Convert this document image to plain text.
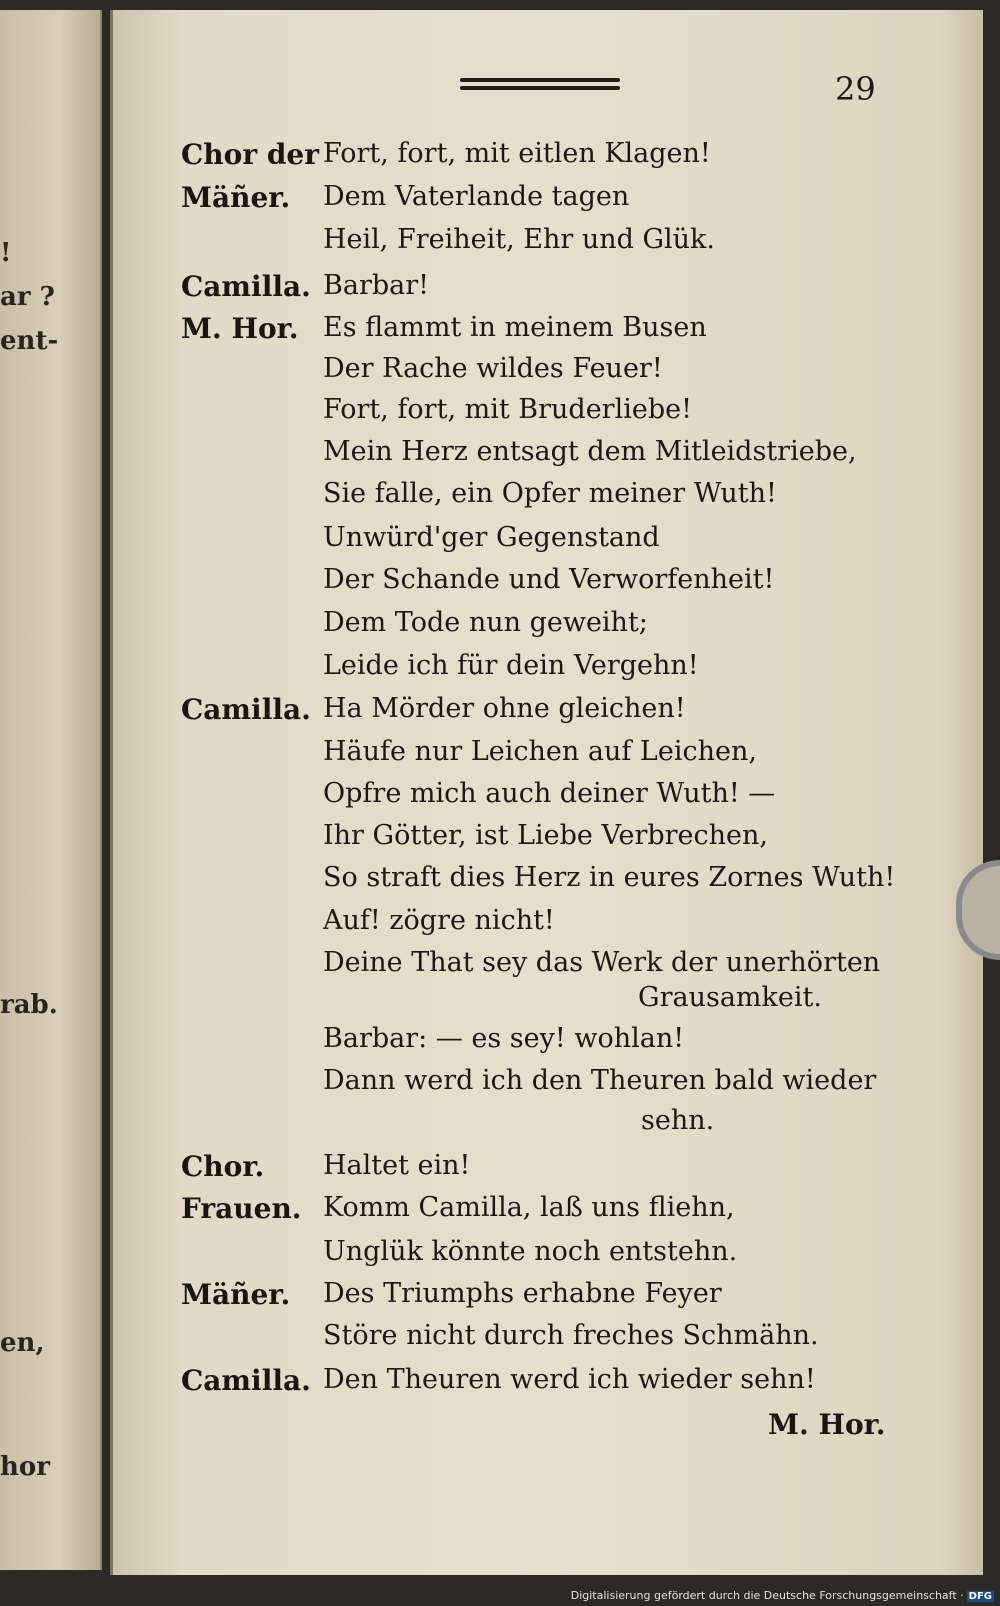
!
ar ?
ent-
rab.
en,
hor
29
Chor der Fort, fort, mit eitlen Klagen!
Mäñer. Dem Vaterlande tagen
Heil, Freiheit, Ehr und Glük.
Camilla. Barbar!
M. Hor. Es flammt in meinem Busen
Der Rache wildes Feuer!
Fort, fort, mit Bruderliebe!
Mein Herz entsagt dem Mitleidstriebe,
Sie falle, ein Opfer meiner Wuth!
Unwürd'ger Gegenstand
Der Schande und Verworfenheit!
Dem Tode nun geweiht;
Leide ich für dein Vergehn!
Camilla. Ha Mörder ohne gleichen!
Häufe nur Leichen auf Leichen,
Opfre mich auch deiner Wuth! —
Ihr Götter, ist Liebe Verbrechen,
So straft dies Herz in eures Zornes Wuth!
Auf! zögre nicht!
Deine That sey das Werk der unerhörten
Grausamkeit.
Barbar: — es sey! wohlan!
Dann werd ich den Theuren bald wieder
sehn.
Chor. Haltet ein!
Frauen. Komm Camilla, laß uns fliehn,
Unglük könnte noch entstehn.
Mäñer. Des Triumphs erhabne Feyer
Störe nicht durch freches Schmähn.
Camilla. Den Theuren werd ich wieder sehn!
M. Hor.
Digitalisierung gefördert durch die Deutsche Forschungsgemeinschaft · DFG
